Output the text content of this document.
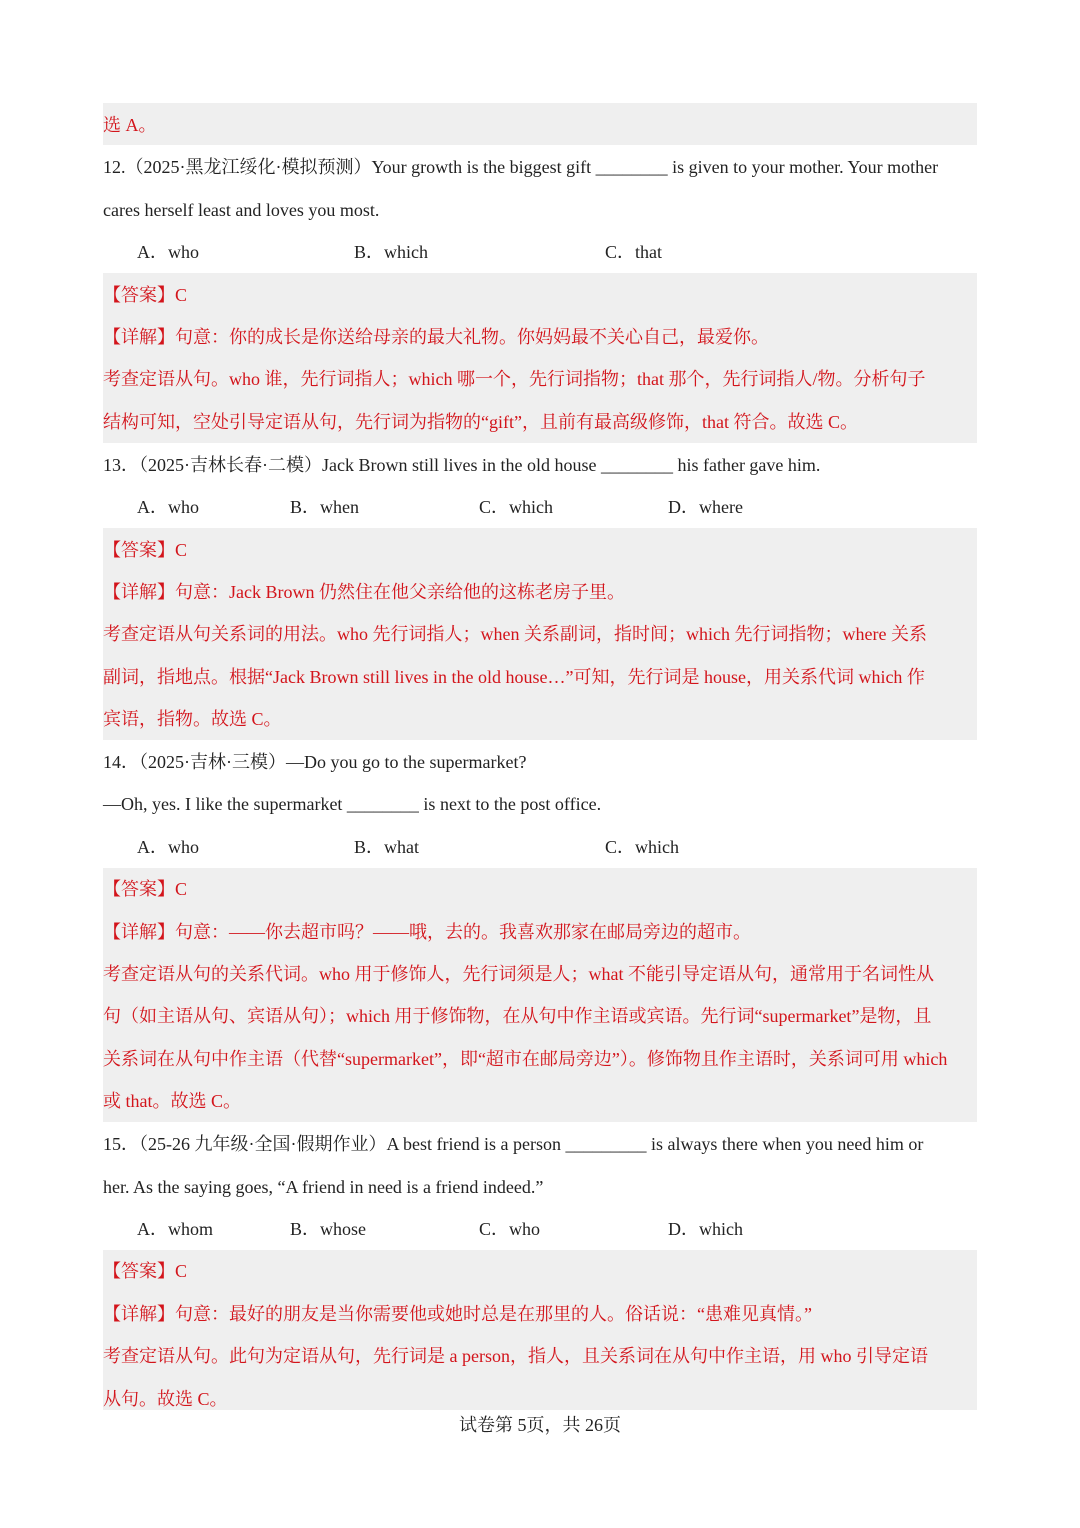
选 A。
12.（2025·黑龙江绥化·模拟预测）Your growth is the biggest gift ________ is given to your mother. Your mother
cares herself least and loves you most.
A．who	B．which	C．that
【答案】C
【详解】句意：你的成长是你送给母亲的最大礼物。你妈妈最不关心自己，最爱你。
考查定语从句。who 谁，先行词指人；which 哪一个，先行词指物；that 那个，先行词指人/物。分析句子
结构可知，空处引导定语从句，先行词为指物的“gift”，且前有最高级修饰，that 符合。故选 C。
13．（2025·吉林长春·二模）Jack Brown still lives in the old house ________ his father gave him.
A．who	B．when	C．which	D．where
【答案】C
【详解】句意：Jack Brown 仍然住在他父亲给他的这栋老房子里。
考查定语从句关系词的用法。who 先行词指人；when 关系副词，指时间；which 先行词指物；where 关系
副词，指地点。根据“Jack Brown still lives in the old house…”可知，先行词是 house，用关系代词 which 作
宾语，指物。故选 C。
14．（2025·吉林·三模）—Do you go to the supermarket?
—Oh, yes. I like the supermarket ________ is next to the post office.
A．who	B．what	C．which
【答案】C
【详解】句意：——你去超市吗？——哦，去的。我喜欢那家在邮局旁边的超市。
考查定语从句的关系代词。who 用于修饰人，先行词须是人；what 不能引导定语从句，通常用于名词性从
句（如主语从句、宾语从句）；which 用于修饰物，在从句中作主语或宾语。先行词“supermarket”是物，且
关系词在从句中作主语（代替“supermarket”，即“超市在邮局旁边”）。修饰物且作主语时，关系词可用 which
或 that。故选 C。
15．（25-26 九年级·全国·假期作业）A best friend is a person _________ is always there when you need him or
her. As the saying goes, “A friend in need is a friend indeed.”
A．whom	B．whose	C．who	D．which
【答案】C
【详解】句意：最好的朋友是当你需要他或她时总是在那里的人。俗话说：“患难见真情。”
考查定语从句。此句为定语从句，先行词是 a person，指人，且关系词在从句中作主语，用 who 引导定语
从句。故选 C。
试卷第 5页，共 26页
